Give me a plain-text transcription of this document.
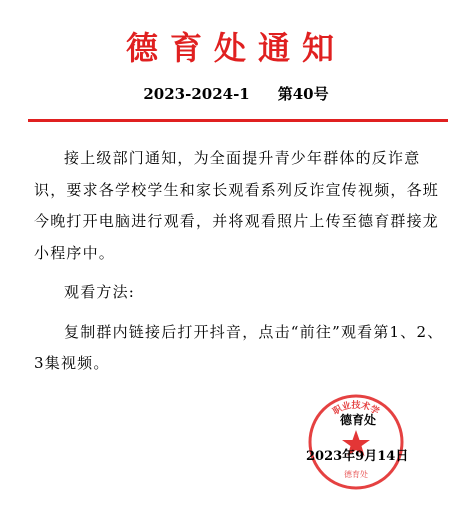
德育处通知
2023-2024-1 第40号

接上级部门通知，为全面提升青少年群体的反诈意识，要求各学校学生和家长观看系列反诈宣传视频，各班今晚打开电脑进行观看，并将观看照片上传至德育群接龙小程序中。

观看方法:

复制群内链接后打开抖音，点击“前往”观看第1、2、3集视频。

职业技术学
德育处
德育处
2023年9月14日
